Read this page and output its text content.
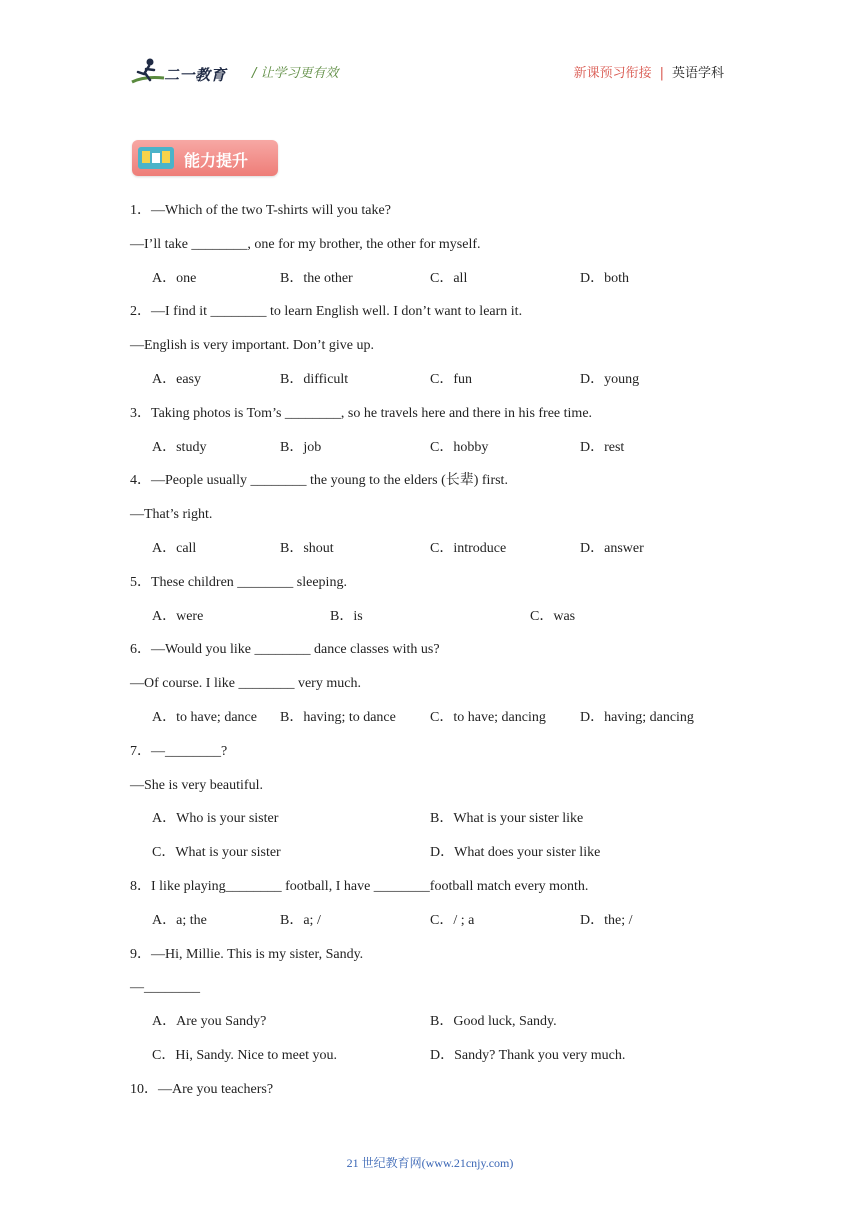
二一教育 / 让学习更有效	新课预习衔接 | 英语学科
能力提升
1．—Which of the two T-shirts will you take?
—I’ll take ________, one for my brother, the other for myself.
A．one	B．the other	C．all	D．both
2．—I find it ________ to learn English well. I don’t want to learn it.
—English is very important. Don’t give up.
A．easy	B．difficult	C．fun	D．young
3．Taking photos is Tom’s ________, so he travels here and there in his free time.
A．study	B．job	C．hobby	D．rest
4．—People usually ________ the young to the elders (长辈) first.
—That’s right.
A．call	B．shout	C．introduce	D．answer
5．These children ________ sleeping.
A．were	B．is	C．was
6．—Would you like ________ dance classes with us?
—Of course. I like ________ very much.
A．to have; dance B．having; to dance C．to have; dancing D．having; dancing
7．—________?
—She is very beautiful.
A．Who is your sister	B．What is your sister like
C．What is your sister	D．What does your sister like
8．I like playing________ football, I have ________football match every month.
A．a; the	B．a; /	C．/ ; a	D．the; /
9．—Hi, Millie. This is my sister, Sandy.
—________
A．Are you Sandy?	B．Good luck, Sandy.
C．Hi, Sandy. Nice to meet you.	D．Sandy? Thank you very much.
10．—Are you teachers?
21 世纪教育网(www.21cnjy.com)
